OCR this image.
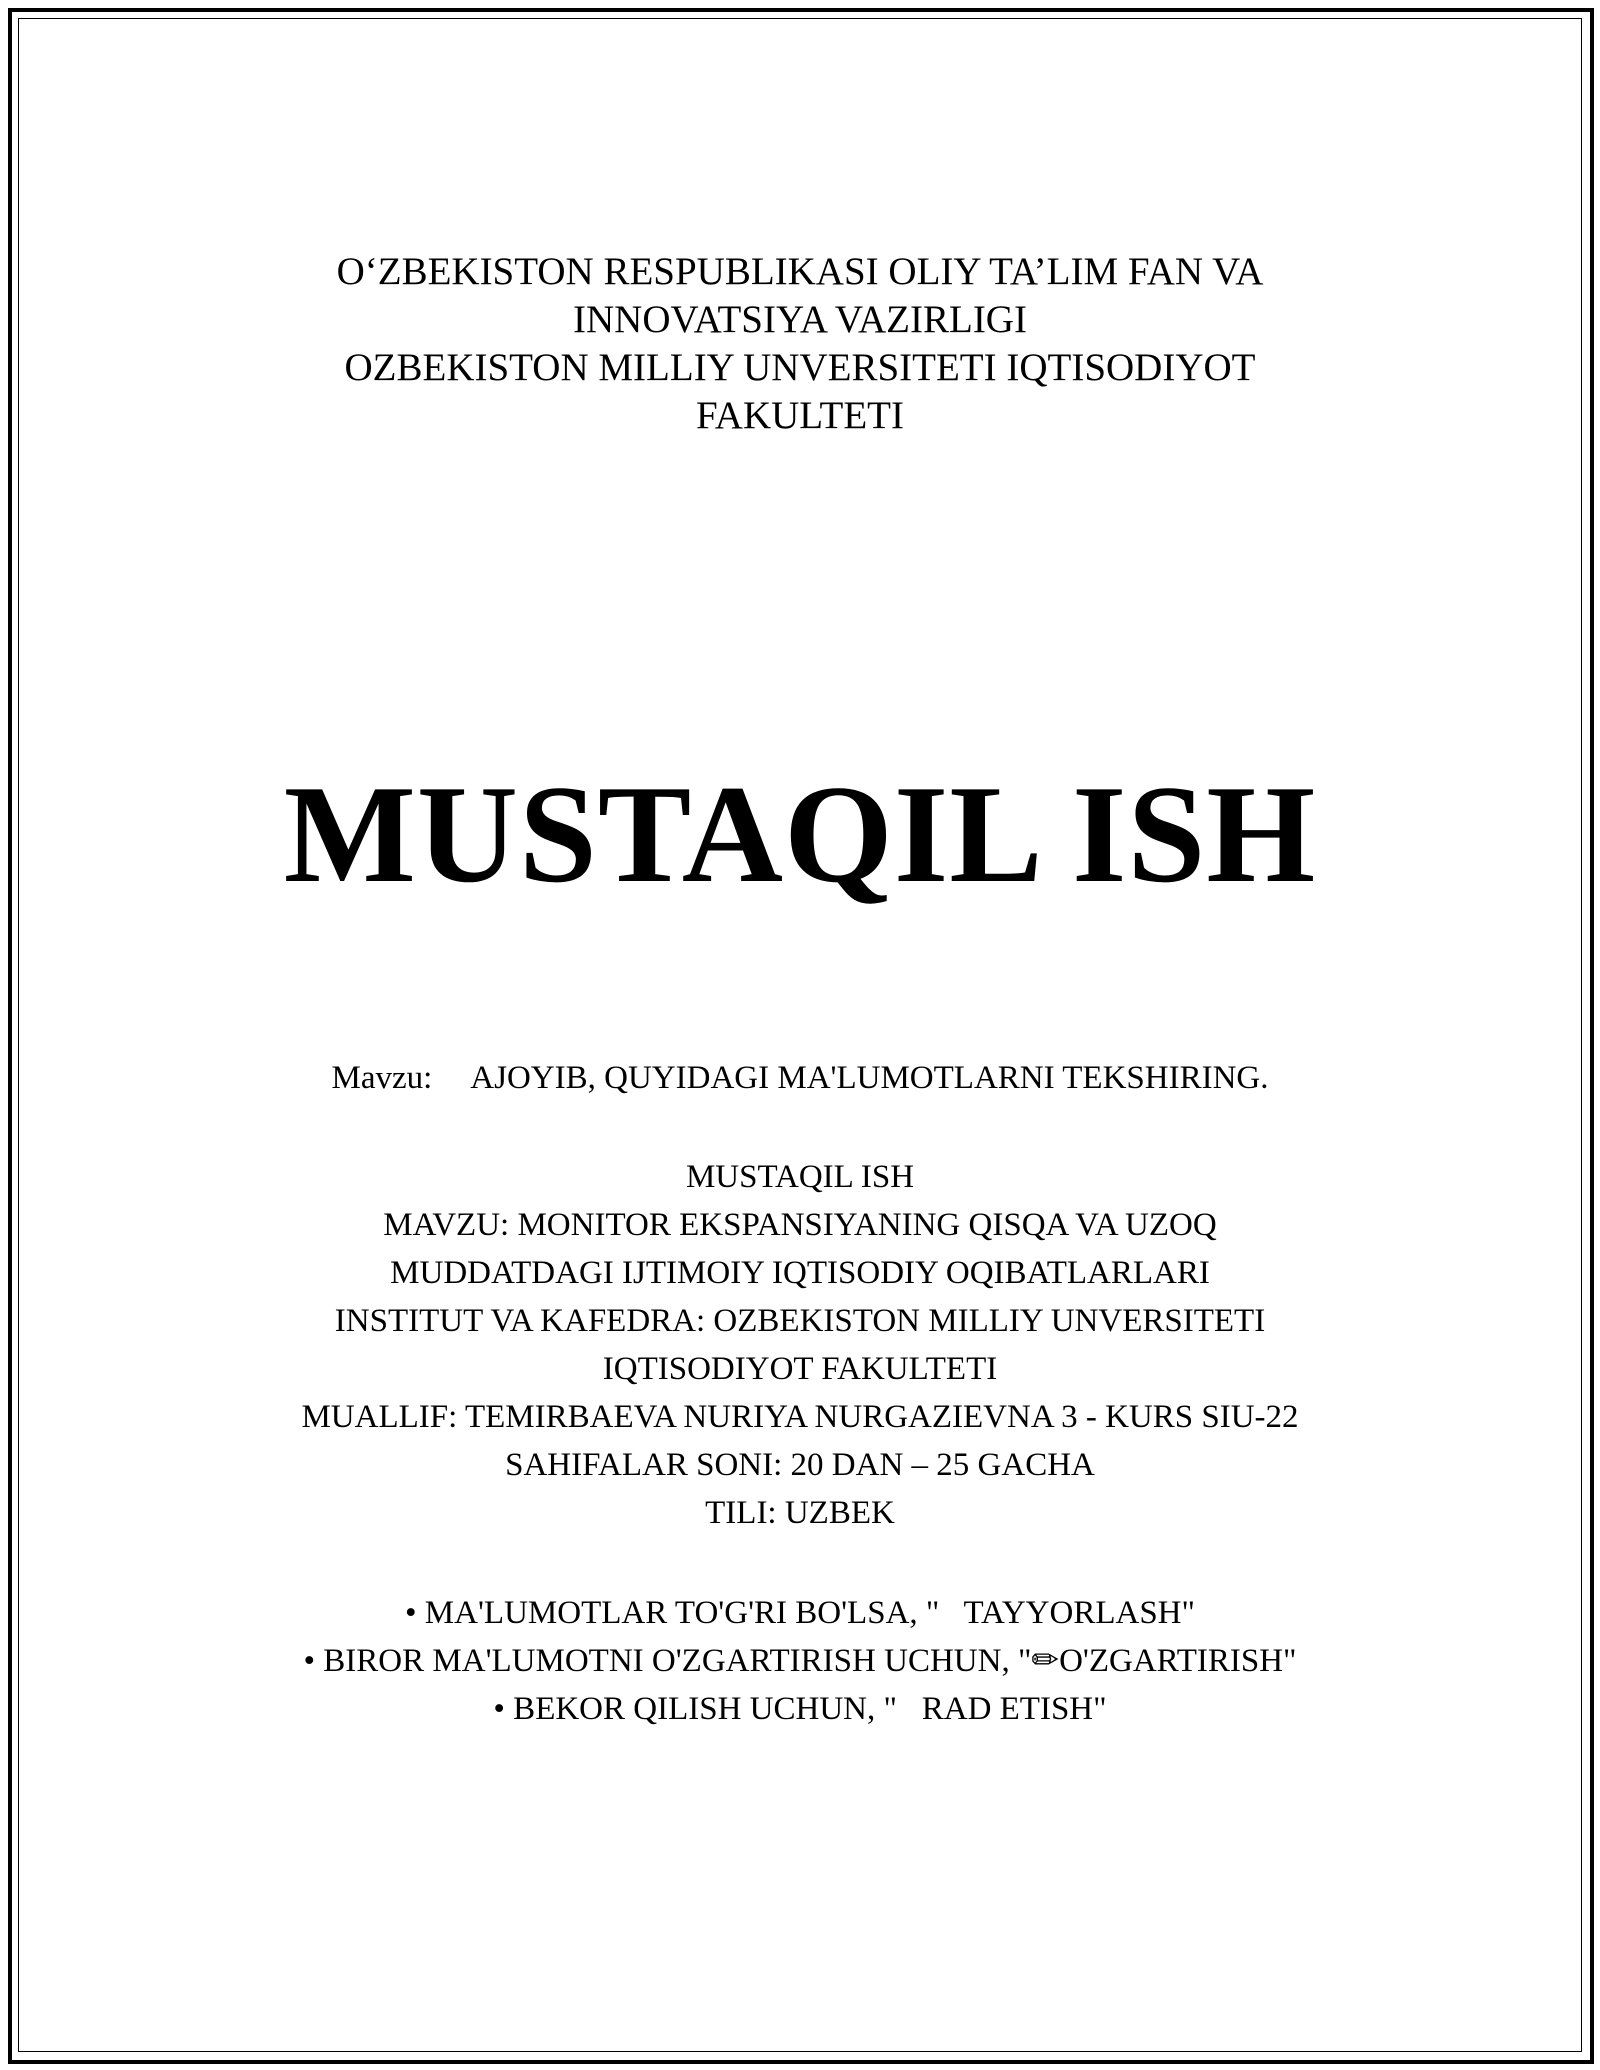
O‘ZBEKISTON RESPUBLIKASI OLIY TA’LIM FAN VA
INNOVATSIYA VAZIRLIGI
OZBEKISTON MILLIY UNVERSITETI IQTISODIYOT
FAKULTETI
MUSTAQIL ISH
Mavzu: AJOYIB, QUYIDAGI MA'LUMOTLARNI TEKSHIRING.
MUSTAQIL ISH
MAVZU: MONITOR EKSPANSIYANING QISQA VA UZOQ
MUDDATDAGI IJTIMOIY IQTISODIY OQIBATLARLARI
INSTITUT VA KAFEDRA: OZBEKISTON MILLIY UNVERSITETI
IQTISODIYOT FAKULTETI
MUALLIF: TEMIRBAEVA NURIYA NURGAZIEVNA 3 - KURS SIU-22
SAHIFALAR SONI: 20 DAN – 25 GACHA
TILI: UZBEK
• MA'LUMOTLAR TO'G'RI BO'LSA, "   TAYYORLASH"
• BIROR MA'LUMOTNI O'ZGARTIRISH UCHUN, "✏O'ZGARTIRISH"
• BEKOR QILISH UCHUN, "   RAD ETISH"
